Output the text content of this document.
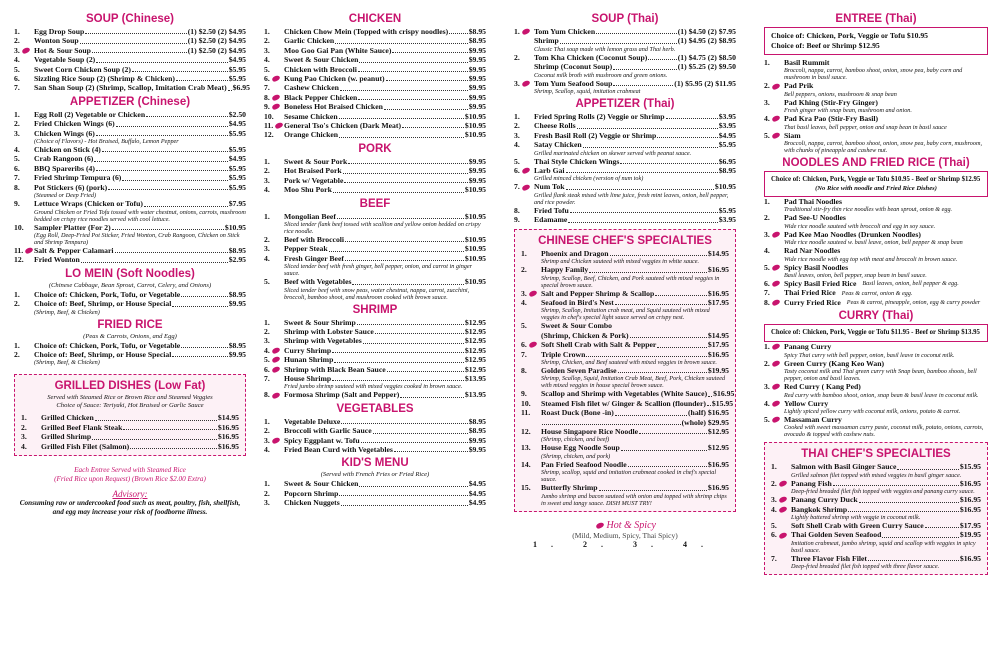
SOUP (Chinese)
1.	Egg Drop Soup	(1) $2.50 (2) $4.95
2.	Wonton Soup	(1) $2.50 (2) $4.95
3.	Hot & Sour Soup	(1) $2.50 (2) $4.95
4.	Vegetable Soup (2)	$4.95
5.	Sweet Corn Chicken Soup (2)	$5.95
6.	Sizzling Rice Soup (2) (Shrimp & Chicken)	$5.95
7.	San Shan Soup (2) (Shrimp, Scallop, Imitation Crab Meat) $6.95
APPETIZER (Chinese)
1.	Egg Roll (2) Vegetable or Chicken	$2.50
2.	Fried Chicken Wings (6)	$4.95
3.	Chicken Wings (6)	$5.95
(Choice of Flavors) - Hot Braised, Buffalo, Lemon Pepper
4.	Chicken on Stick (4)	$5.95
5.	Crab Rangoon (6)	$4.95
6.	BBQ Spareribs (4)	$5.95
7.	Fried Shrimp Tempura (6)	$5.95
8.	Pot Stickers (6) (pork)	$5.95
(Steamed or Deep Fried)
9.	Lettuce Wraps (Chicken or Tofu)	$7.95
Ground Chicken or Fried Tofu tossed with water chestnut, onions, carrots, mushroom bedded on crispy rice noodles served with cool lettuce.
10.	Sampler Platter (For 2)	$10.95
(Egg Roll, Deep-Fried Pot Sticker, Fried Wonton, Crab Rangoon, Chicken on Stick and Shrimp Tempura)
11.	Salt & Pepper Calamari	$8.95
12.	Fried Wonton	$2.95
LO MEIN (Soft Noodles)
(Chinese Cabbage, Bean Sprout, Carrot, Celery, and Onions)
1.	Choice of: Chicken, Pork, Tofu, or Vegetable	$8.95
2.	Choice of: Beef, Shrimp, or House Special	$9.95
(Shrimp, Beef, & Chicken)
FRIED RICE
(Peas & Carrots, Onions, and Egg)
1.	Choice of: Chicken, Pork, Tofu, or Vegetable	$8.95
2.	Choice of: Beef, Shrimp, or House Special	$9.95
(Shrimp, Beef, & Chicken)
GRILLED DISHES (Low Fat)
Served with Steamed Rice or Brown Rice and Steamed Veggies
Choice of Sauce: Teriyaki, Hot Braised or Garlic Sauce
1.	Grilled Chicken	$14.95
2.	Grilled Beef Flank Steak	$16.95
3.	Grilled Shrimp	$16.95
4.	Grilled Fish Filet (Salmon)	$16.95
Each Entree Served with Steamed Rice
(Fried Rice upon Request) (Brown Rice $2.00 Extra)
Advisory:
Consuming raw or undercooked food such as meat, poultry, fish, shellfish, and egg may increase your risk of foodborne illness.
CHICKEN
1.	Chicken Chow Mein (Topped with crispy noodles)	$8.95
2.	Garlic Chicken	$8.95
3.	Moo Goo Gai Pan (White Sauce)	$9.95
4.	Sweet & Sour Chicken	$9.95
5.	Chicken with Broccoli	$9.95
6.	Kung Pao Chicken (w. peanut)	$9.95
7.	Cashew Chicken	$9.95
8.	Black Pepper Chicken	$9.95
9.	Boneless Hot Braised Chicken	$9.95
10.	Sesame Chicken	$10.95
11.	General Tso's Chicken (Dark Meat)	$10.95
12.	Orange Chicken	$10.95
PORK
1.	Sweet & Sour Pork	$9.95
2.	Hot Braised Pork	$9.95
3.	Pork w/ Vegetable	$9.95
4.	Moo Shu Pork	$10.95
BEEF
1.	Mongolian Beef	$10.95
Sliced tender flank beef tossed with scallion and yellow onion bedded on crispy rice noodle.
2.	Beef with Broccoli	$10.95
3.	Pepper Steak	$10.95
4.	Fresh Ginger Beef	$10.95
Sliced tender beef with fresh ginger, bell pepper, onion, and carrot in ginger sauce.
5.	Beef with Vegetables	$10.95
Sliced tender beef with snow peas, water chestnut, nappa, carrot, zucchini, broccoli, bamboo shoot, and mushroom cooked with brown sauce.
SHRIMP
1.	Sweet & Sour Shrimp	$12.95
2.	Shrimp with Lobster Sauce	$12.95
3.	Shrimp with Vegetables	$12.95
4.	Curry Shrimp	$12.95
5.	Hunan Shrimp	$12.95
6.	Shrimp with Black Bean Sauce	$12.95
7.	House Shrimp	$13.95
Fried jumbo shrimp sauteed with mixed veggies cooked in brown sauce.
8.	Formosa Shrimp (Salt and Pepper)	$13.95
VEGETABLES
1.	Vegetable Deluxe	$8.95
2.	Broccoli with Garlic Sauce	$8.95
3.	Spicy Eggplant w. Tofu	$9.95
4.	Fried Bean Curd with Vegetables	$9.95
KID'S MENU
(Served with French Fries or Fried Rice)
1.	Sweet & Sour Chicken	$4.95
2.	Popcorn Shrimp	$4.95
3.	Chicken Nuggets	$4.95
SOUP (Thai)
1.	Tom Yum Chicken	(1) $4.50 (2) $7.95
Shrimp	(1) $4.95 (2) $8.95
Classic Thai soup made with lemon grass and Thai herb.
2.	Tom Kha Chicken (Coconut Soup)	(1) $4.75 (2) $8.50
Shrimp (Coconut Soup)	(1) $5.25 (2) $9.50
Coconut milk broth with mushroom and green onions.
3.	Tom Yum Seafood Soup	(1) $5.95 (2) $11.95
Shrimp, Scallop, squid, imitation crabmeat
APPETIZER (Thai)
1.	Fried Spring Rolls (2) Veggie or Shrimp	$3.95
2.	Cheese Rolls	$3.95
3.	Fresh Basil Roll (2) Veggie or Shrimp	$4.95
4.	Satay Chicken	$5.95
Grilled marinated chicken on skewer served with peanut sauce.
5.	Thai Style Chicken Wings	$6.95
6.	Larb Gai	$8.95
Grilled minced chicken (version of num tok)
7.	Num Tok	$10.95
Grilled flank steak mixed with lime juice, fresh mint leaves, onion, bell pepper, and rice powder.
8.	Fried Tofu	$5.95
9.	Edamame	$3.95
CHINESE CHEF'S SPECIALTIES
1.	Phoenix and Dragon	$14.95
Shrimp and Chicken sauteed with mixed veggies in white sauce.
2.	Happy Family	$16.95
Shrimp, Scallop, Beef, Chicken, and Pork sauteed with mixed veggies in special brown sauce.
3.	Salt and Pepper Shrimp & Scallop	$16.95
4.	Seafood in Bird's Nest	$17.95
Shrimp, Scallop, Imitation crab meat, and Squid sauteed with mixed veggies in chef's special light sauce served on crispy nest.
5.	Sweet & Sour Combo
(Shrimp, Chicken & Pork)	$14.95
6.	Soft Shell Crab with Salt & Pepper	$17.95
7.	Triple Crown	$16.95
Shrimp, Chicken, and Beef sauteed with mixed veggies in brown sauce.
8.	Golden Seven Paradise	$19.95
Shrimp, Scallop, Squid, Imitation Crab Meat, Beef, Pork, Chicken sauteed with mixed veggies in house special brown sauce.
9.	Scallop and Shrimp with Vegetables (White Sauce) $16.95
10.	Steamed Fish filet w/ Ginger & Scallion (flounder) $15.95
11.	Roast Duck (Bone -in)	(half) $16.95
(whole) $29.95
12.	House Singapore Rice Noodle	$12.95
(Shrimp, chicken, and beef)
13.	House Egg Noodle Soup	$12.95
(Shrimp, chicken, and pork)
14.	Pan Fried Seafood Noodle	$16.95
Shrimp, scallop, squid and imitation crabmeat cooked in chef's special sauce.
15.	Butterfly Shrimp	$16.95
Jumbo shrimp and bacon sauteed with onion and topped with shrimp chips in sweet and tangy sauce. DISH MUST TRY!
Hot & Spicy
(Mild, Medium, Spicy, Thai Spicy)
1. 2. 3. 4.
ENTREE (Thai)
Choice of: Chicken, Pork, Veggie or Tofu $10.95
Choice of: Beef or Shrimp $12.95
1.	Basil Rummit
Broccoli, nappa, carrot, bamboo shoot, onion, snow pea, baby corn and mushroom in basil sauce.
2.	Pad Prik
Bell peppers, onions, mushroom & snap bean
3.	Pad Khing (Stir-Fry Ginger)
Fresh ginger with snap bean, mushroom and onion.
4.	Pad Kra Pao (Stir-Fry Basil)
Thai basil leaves, bell pepper, onion and snap bean in basil sauce
5.	Siam
Broccoli, nappa, carrot, bamboo shoot, onion, snow pea, baby corn, mushroom, with chunks of pineapple and cashew nut.
NOODLES AND FRIED RICE (Thai)
Choice of: Chicken, Pork, Veggie or Tofu $10.95 - Beef or Shrimp $12.95
(No Rice with noodle and Fried Rice Dishes)
1.	Pad Thai Noodles
Traditional stir-fry thin rice noodles with bean sprout, onion & egg.
2.	Pad See-U Noodles
Wide rice noodle sauteed with broccoli and egg in soy sauce.
3.	Pad Kee Mao Noodles (Drunken Noodles)
Wide rice noodle sauteed w. basil leave, onion, bell pepper & snap bean
4.	Rad Nar Noodles
Wide rice noodle with egg top with meat and broccoli in brown sauce.
5.	Spicy Basil Noodles
Basil leaves, onion, bell pepper, snap bean in basil sauce.
6.	Spicy Basil Fried Rice Basil leaves, onion, bell pepper & egg.
7.	Thai Fried Rice Peas & carrot, onion & egg.
8.	Curry Fried Rice Peas & carrot, pineapple, onion, egg & curry powder
CURRY (Thai)
Choice of: Chicken, Pork, Veggie or Tofu $11.95 - Beef or Shrimp $13.95
1.	Panang Curry
Spicy Thai curry with bell pepper, onion, basil leave in coconut milk.
2.	Green Curry (Kang Keo Wan)
Tasty coconut milk and Thai green curry with Snap bean, bamboo shoots, bell pepper, onion and basil leaves.
3.	Red Curry ( Kang Ped)
Red curry with bamboo shoot, onion, snap bean & basil leave in coconut milk.
4.	Yellow Curry
Lightly spiced yellow curry with coconut milk, onions, potato & carrot.
5.	Massaman Curry
Cooked with sweet massaman curry paste, coconut milk, potato, onions, carrots, avocado & topped with cashew nuts.
THAI CHEF'S SPECIALTIES
1.	Salmon with Basil Ginger Sauce	$15.95
Grilled salmon filet topped with mixed veggies in basil ginger sauce.
2.	Panang Fish	$16.95
Deep-fried breaded filet fish topped with veggies and panang curry sauce.
3.	Panang Curry Duck	$16.95
4.	Bangkok Shrimp	$16.95
Lightly battered shrimp with veggie in coconut milk.
5.	Soft Shell Crab with Green Curry Sauce	$17.95
6.	Thai Golden Seven Seafood	$19.95
Imitation crabmeat, jumbo shrimp, squid and scallop with veggies in spicy basil sauce.
7.	Three Flavor Fish Filet	$16.95
Deep-fried breaded filet fish topped with three flavor sauce.
